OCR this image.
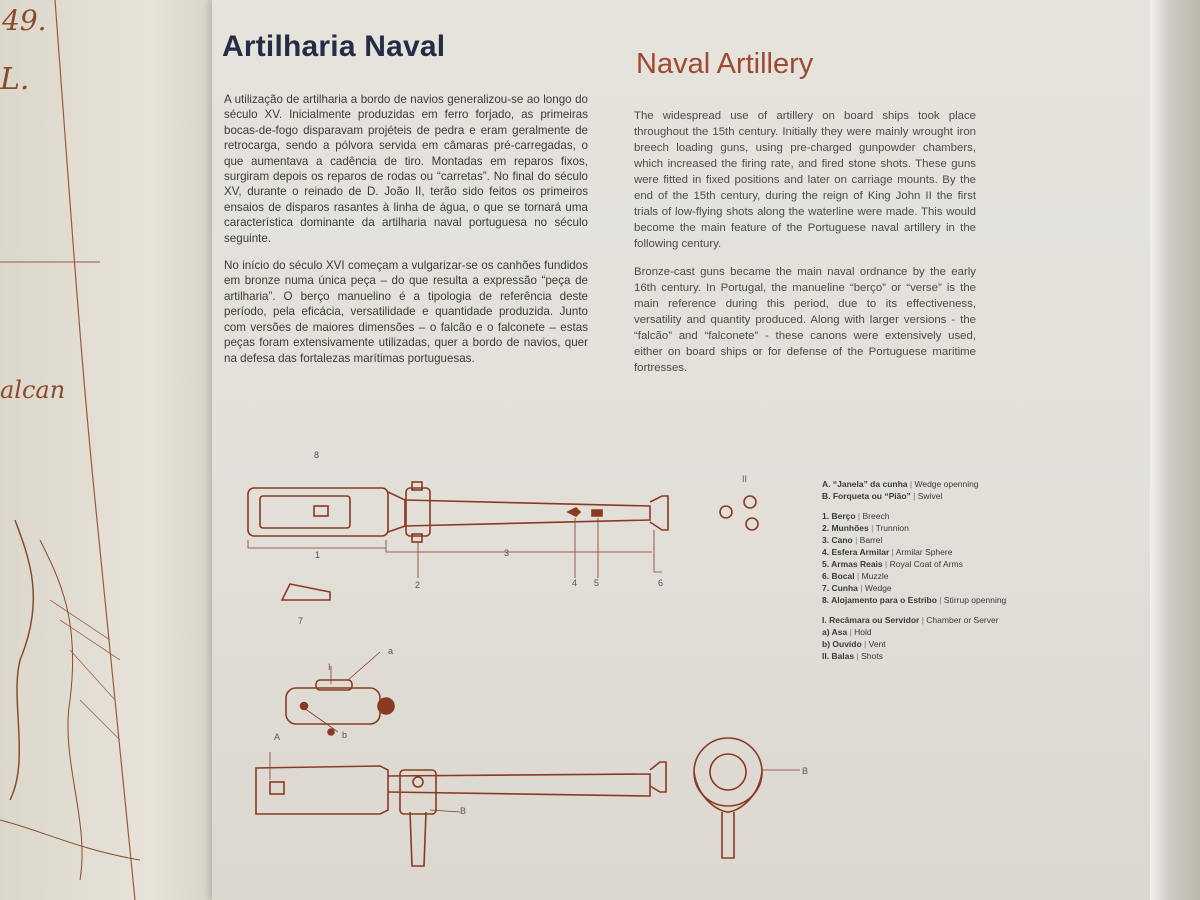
49.
L.
alcan
Artilharia Naval
Naval Artillery

A utilização de artilharia a bordo de navios generalizou-se ao longo do século XV. Inicialmente produzidas em ferro forjado, as primeiras bocas-de-fogo disparavam projéteis de pedra e eram geralmente de retrocarga, sendo a pólvora servida em câmaras pré-carregadas, o que aumentava a cadência de tiro. Montadas em reparos fixos, surgiram depois os reparos de rodas ou “carretas”. No final do século XV, durante o reinado de D. João II, terão sido feitos os primeiros ensaios de disparos rasantes à linha de água, o que se tornará uma característica dominante da artilharia naval portuguesa no século seguinte.

No início do século XVI começam a vulgarizar-se os canhões fundidos em bronze numa única peça – do que resulta a expressão “peça de artilharia”. O berço manuelino é a tipologia de referência deste período, pela eficácia, versatilidade e quantidade produzida. Junto com versões de maiores dimensões – o falcão e o falconete – estas peças foram extensivamente utilizadas, quer a bordo de navios, quer na defesa das fortalezas marítimas portuguesas.

The widespread use of artillery on board ships took place throughout the 15th century. Initially they were mainly wrought iron breech loading guns, using pre-charged gunpowder chambers, which increased the firing rate, and fired stone shots. These guns were fitted in fixed positions and later on carriage mounts. By the end of the 15th century, during the reign of King John II the first trials of low-flying shots along the waterline were made. This would become the main feature of the Portuguese naval artillery in the following century.

Bronze-cast guns became the main naval ordnance by the early 16th century. In Portugal, the manueline “berço” or “verse” is the main reference during this period, due to its effectiveness, versatility and quantity produced. Along with larger versions - the “falcão” and “falconete” - these canons were extensively used, either on board ships or for defense of the Portuguese maritime fortresses.

8
1
2
3
4 5	6
7
II
I
a
b
A
B
B
A. “Janela” da cunha | Wedge openning
B. Forqueta ou “Pião” | Swivel
1. Berço | Breech
2. Munhões | Trunnion
3. Cano | Barrel
4. Esfera Armilar | Armilar Sphere
5. Armas Reais | Royal Coat of Arms
6. Bocal | Muzzle
7. Cunha | Wedge
8. Alojamento para o Estribo | Stirrup openning
I. Recâmara ou Servidor | Chamber or Server
a) Asa | Hold
b) Ouvido | Vent
II. Balas | Shots
